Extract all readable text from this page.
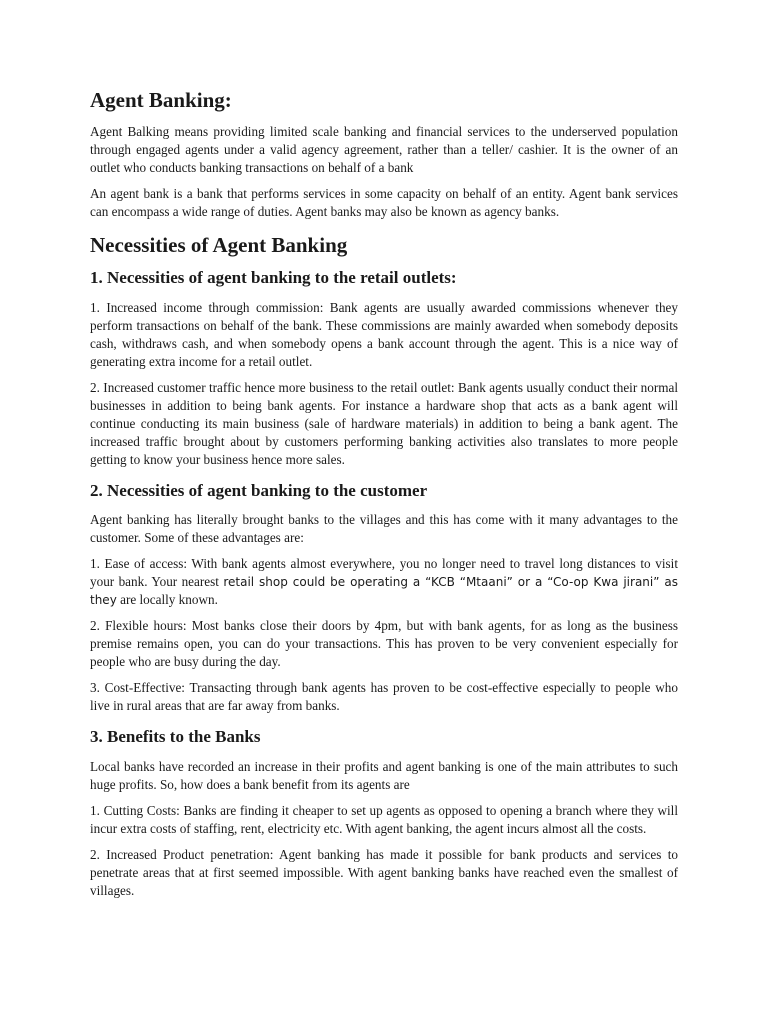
Agent Banking:

Agent Balking means providing limited scale banking and financial services to the underserved population through engaged agents under a valid agency agreement, rather than a teller/ cashier. It is the owner of an outlet who conducts banking transactions on behalf of a bank

An agent bank is a bank that performs services in some capacity on behalf of an entity. Agent bank services can encompass a wide range of duties. Agent banks may also be known as agency banks.

Necessities of Agent Banking
1. Necessities of agent banking to the retail outlets:

1. Increased income through commission: Bank agents are usually awarded commissions whenever they perform transactions on behalf of the bank. These commissions are mainly awarded when somebody deposits cash, withdraws cash, and when somebody opens a bank account through the agent. This is a nice way of generating extra income for a retail outlet.

2. Increased customer traffic hence more business to the retail outlet: Bank agents usually conduct their normal businesses in addition to being bank agents. For instance a hardware shop that acts as a bank agent will continue conducting its main business (sale of hardware materials) in addition to being a bank agent. The increased traffic brought about by customers performing banking activities also translates to more people getting to know your business hence more sales.

2. Necessities of agent banking to the customer

Agent banking has literally brought banks to the villages and this has come with it many advantages to the customer. Some of these advantages are:

1. Ease of access: With bank agents almost everywhere, you no longer need to travel long distances to visit your bank. Your nearest retail shop could be operating a “KCB “Mtaani” or a “Co-op Kwa jirani” as they are locally known.

2. Flexible hours: Most banks close their doors by 4pm, but with bank agents, for as long as the business premise remains open, you can do your transactions. This has proven to be very convenient especially for people who are busy during the day.

3. Cost-Effective: Transacting through bank agents has proven to be cost-effective especially to people who live in rural areas that are far away from banks.

3. Benefits to the Banks

Local banks have recorded an increase in their profits and agent banking is one of the main attributes to such huge profits. So, how does a bank benefit from its agents are

1. Cutting Costs: Banks are finding it cheaper to set up agents as opposed to opening a branch where they will incur extra costs of staffing, rent, electricity etc. With agent banking, the agent incurs almost all the costs.

2. Increased Product penetration: Agent banking has made it possible for bank products and services to penetrate areas that at first seemed impossible. With agent banking banks have reached even the smallest of villages.
